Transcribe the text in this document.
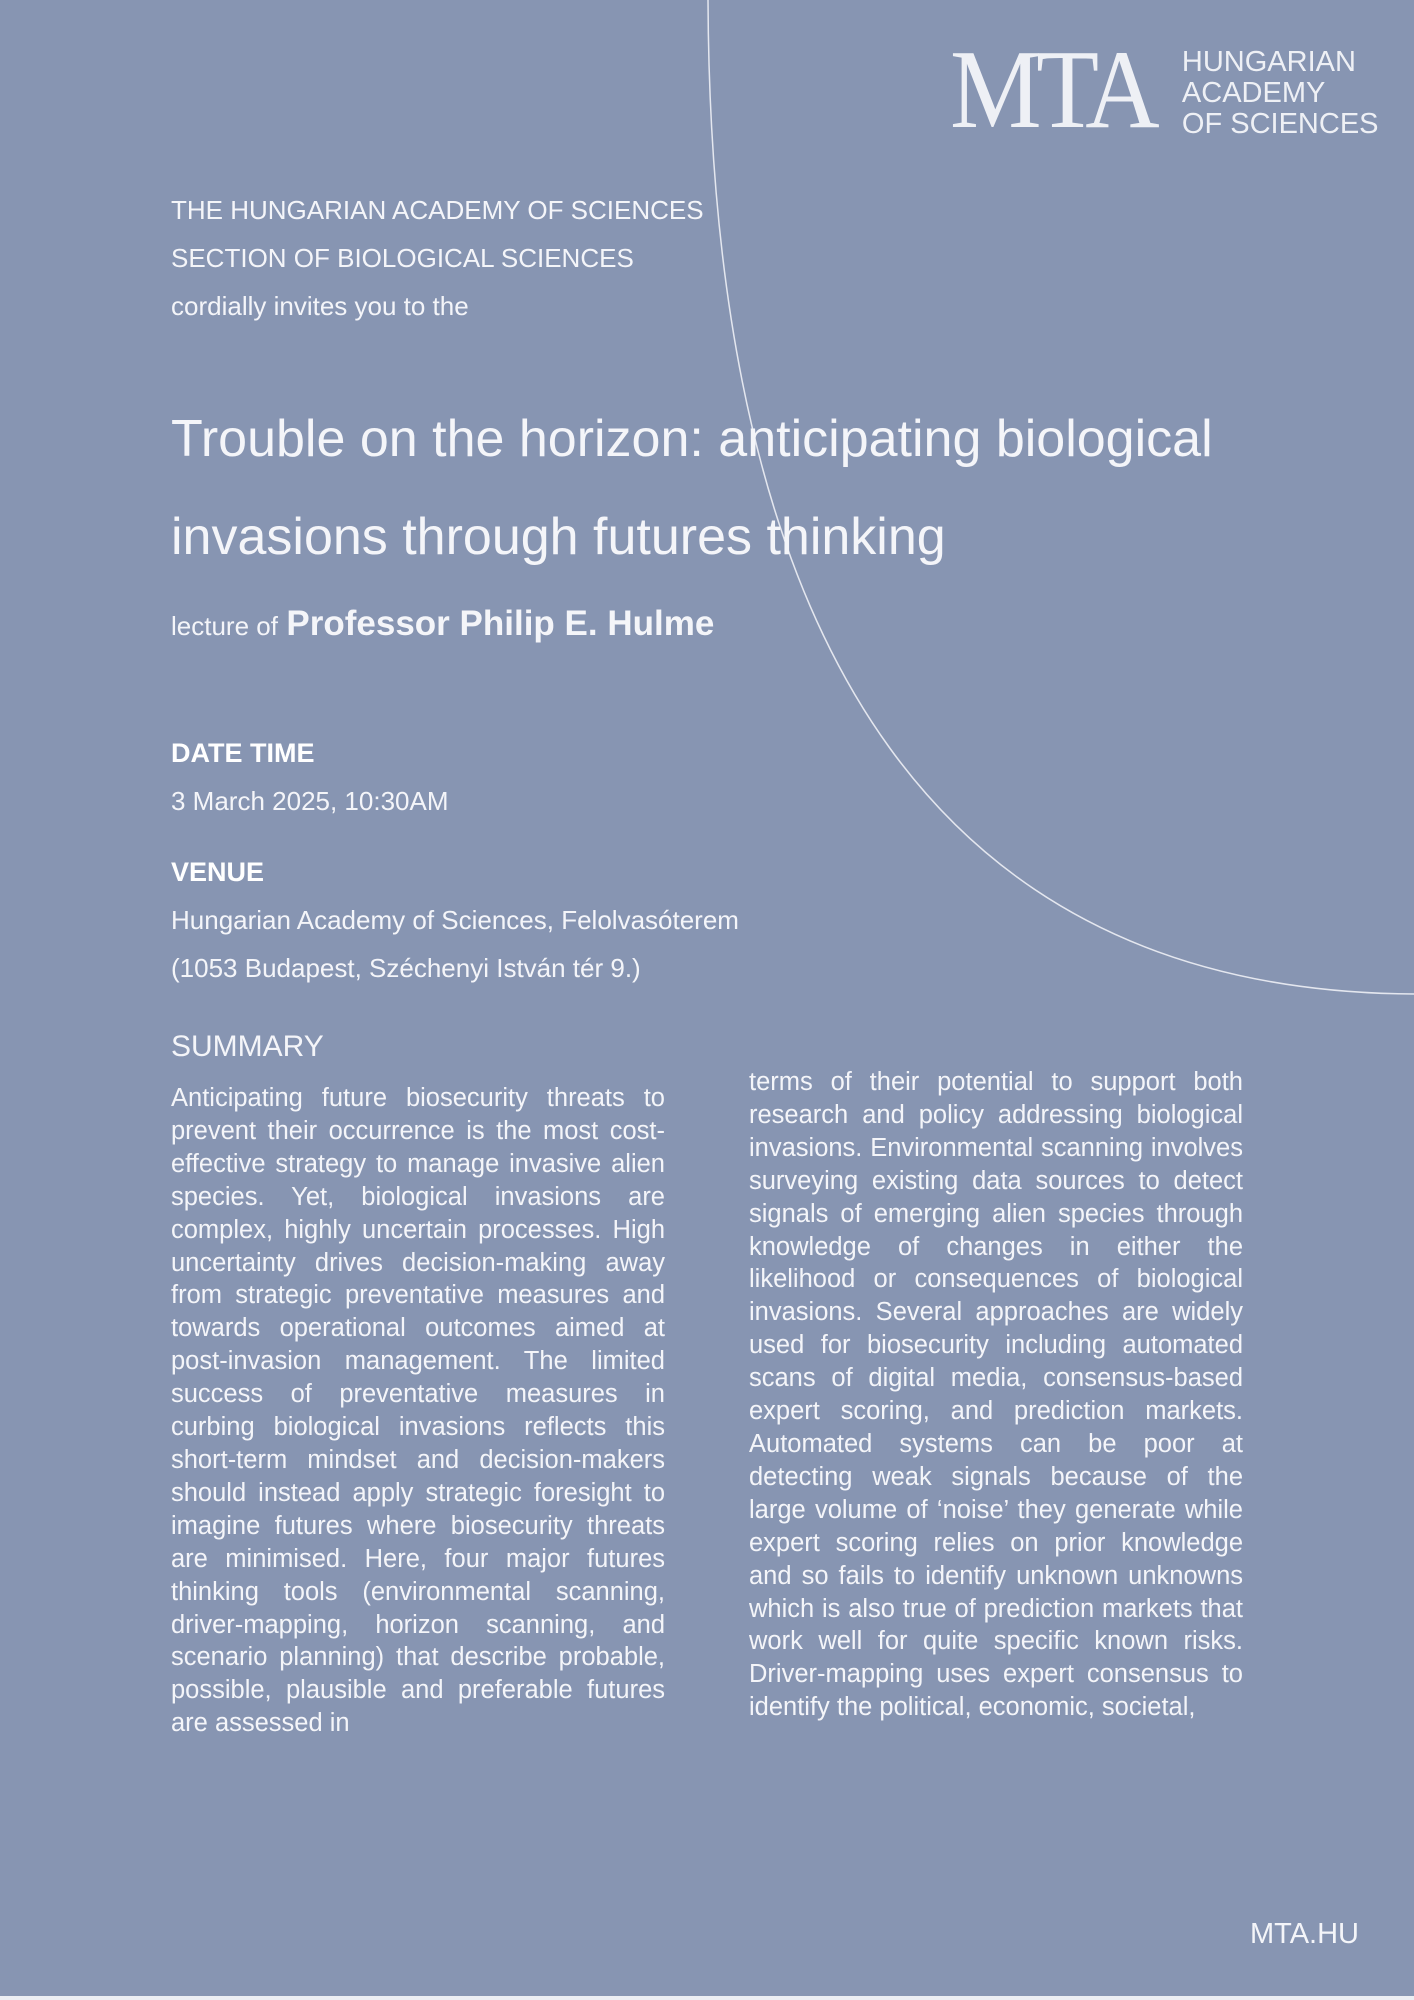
MTA HUNGARIAN
ACADEMY
OF SCIENCES
THE HUNGARIAN ACADEMY OF SCIENCES
SECTION OF BIOLOGICAL SCIENCES
cordially invites you to the
Trouble on the horizon: anticipating biological
invasions through futures thinking
lecture of Professor Philip E. Hulme
DATE TIME
3 March 2025, 10:30AM
VENUE
Hungarian Academy of Sciences, Felolvasóterem
(1053 Budapest, Széchenyi István tér 9.)
SUMMARY
Anticipating future biosecurity threats to prevent their occurrence is the most cost-effective strategy to manage invasive alien species. Yet, biological invasions are complex, highly uncertain processes. High uncertainty drives decision-making away from strategic preventative measures and towards operational outcomes aimed at post-invasion management. The limited success of preventative measures in curbing biological invasions reflects this short-term mindset and decision-makers should instead apply strategic foresight to imagine futures where biosecurity threats are minimised. Here, four major futures thinking tools (environmental scanning, driver-mapping, horizon scanning, and scenario planning) that describe probable, possible, plausible and preferable futures are assessed in
terms of their potential to support both research and policy addressing biological invasions. Environmental scanning involves surveying existing data sources to detect signals of emerging alien species through knowledge of changes in either the likelihood or consequences of biological invasions. Several approaches are widely used for biosecurity including automated scans of digital media, consensus-based expert scoring, and prediction markets. Automated systems can be poor at detecting weak signals because of the large volume of ‘noise’ they generate while expert scoring relies on prior knowledge and so fails to identify unknown unknowns which is also true of prediction markets that work well for quite specific known risks. Driver-mapping uses expert consensus to identify the political, economic, societal,
MTA.HU
